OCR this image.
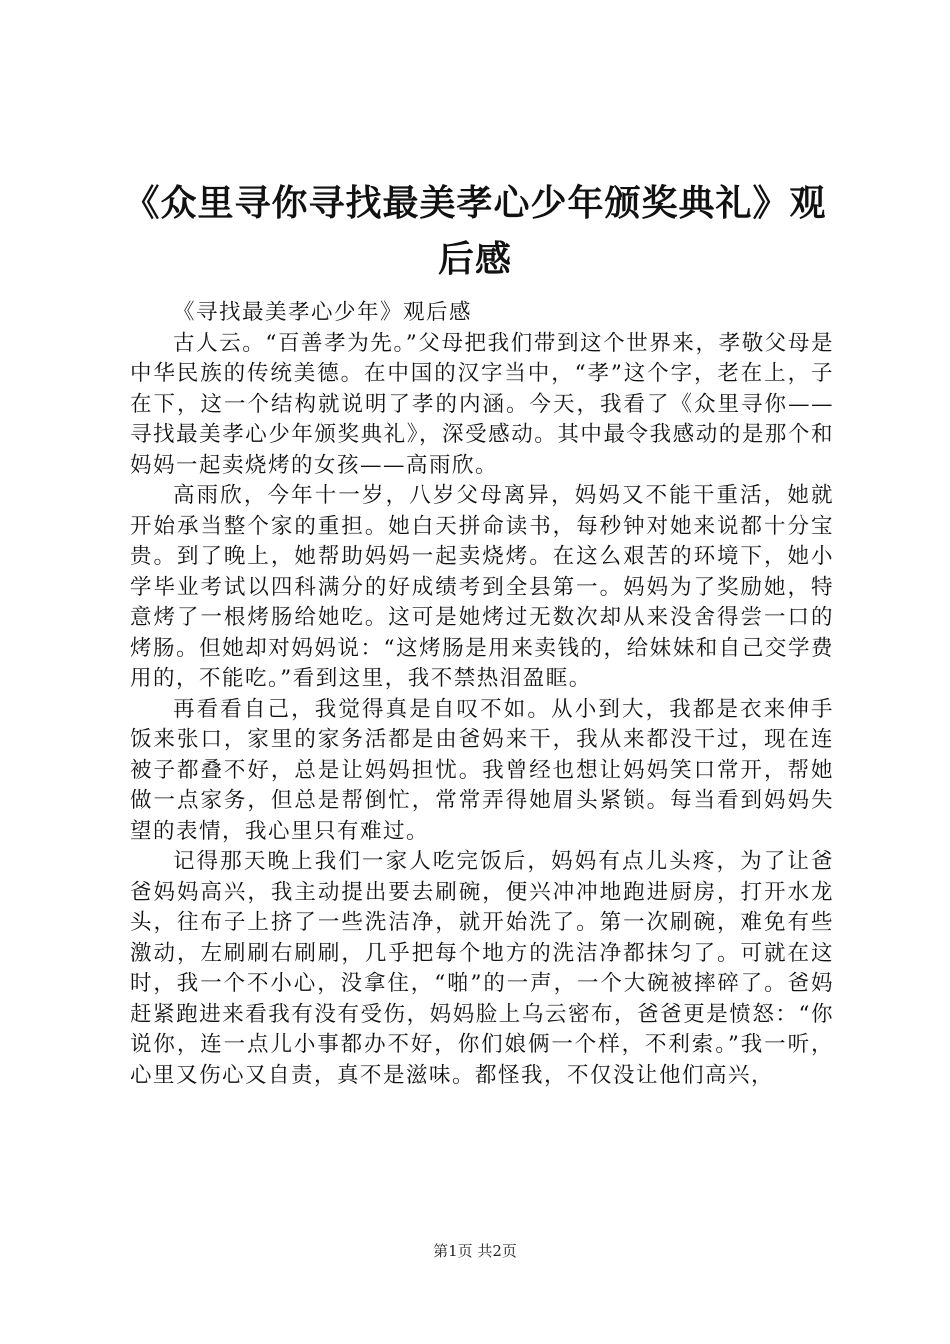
《众里寻你寻找最美孝心少年颁奖典礼》观后感

《寻找最美孝心少年》观后感

古人云。“百善孝为先。”父母把我们带到这个世界来，孝敬父母是中华民族的传统美德。在中国的汉字当中，“孝”这个字，老在上，子在下，这一个结构就说明了孝的内涵。今天，我看了《众里寻你——寻找最美孝心少年颁奖典礼》，深受感动。其中最令我感动的是那个和妈妈一起卖烧烤的女孩——高雨欣。

高雨欣，今年十一岁，八岁父母离异，妈妈又不能干重活，她就开始承当整个家的重担。她白天拼命读书，每秒钟对她来说都十分宝贵。到了晚上，她帮助妈妈一起卖烧烤。在这么艰苦的环境下，她小学毕业考试以四科满分的好成绩考到全县第一。妈妈为了奖励她，特意烤了一根烤肠给她吃。这可是她烤过无数次却从来没舍得尝一口的烤肠。但她却对妈妈说：“这烤肠是用来卖钱的，给妹妹和自己交学费用的，不能吃。”看到这里，我不禁热泪盈眶。

再看看自己，我觉得真是自叹不如。从小到大，我都是衣来伸手饭来张口，家里的家务活都是由爸妈来干，我从来都没干过，现在连被子都叠不好，总是让妈妈担忧。我曾经也想让妈妈笑口常开，帮她做一点家务，但总是帮倒忙，常常弄得她眉头紧锁。每当看到妈妈失望的表情，我心里只有难过。

记得那天晚上我们一家人吃完饭后，妈妈有点儿头疼，为了让爸爸妈妈高兴，我主动提出要去刷碗，便兴冲冲地跑进厨房，打开水龙头，往布子上挤了一些洗洁净，就开始洗了。第一次刷碗，难免有些激动，左刷刷右刷刷，几乎把每个地方的洗洁净都抹匀了。可就在这时，我一个不小心，没拿住，“啪”的一声，一个大碗被摔碎了。爸妈赶紧跑进来看我有没有受伤，妈妈脸上乌云密布，爸爸更是愤怒：“你说你，连一点儿小事都办不好，你们娘俩一个样，不利索。”我一听，心里又伤心又自责，真不是滋味。都怪我，不仅没让他们高兴，

第1页 共2页
